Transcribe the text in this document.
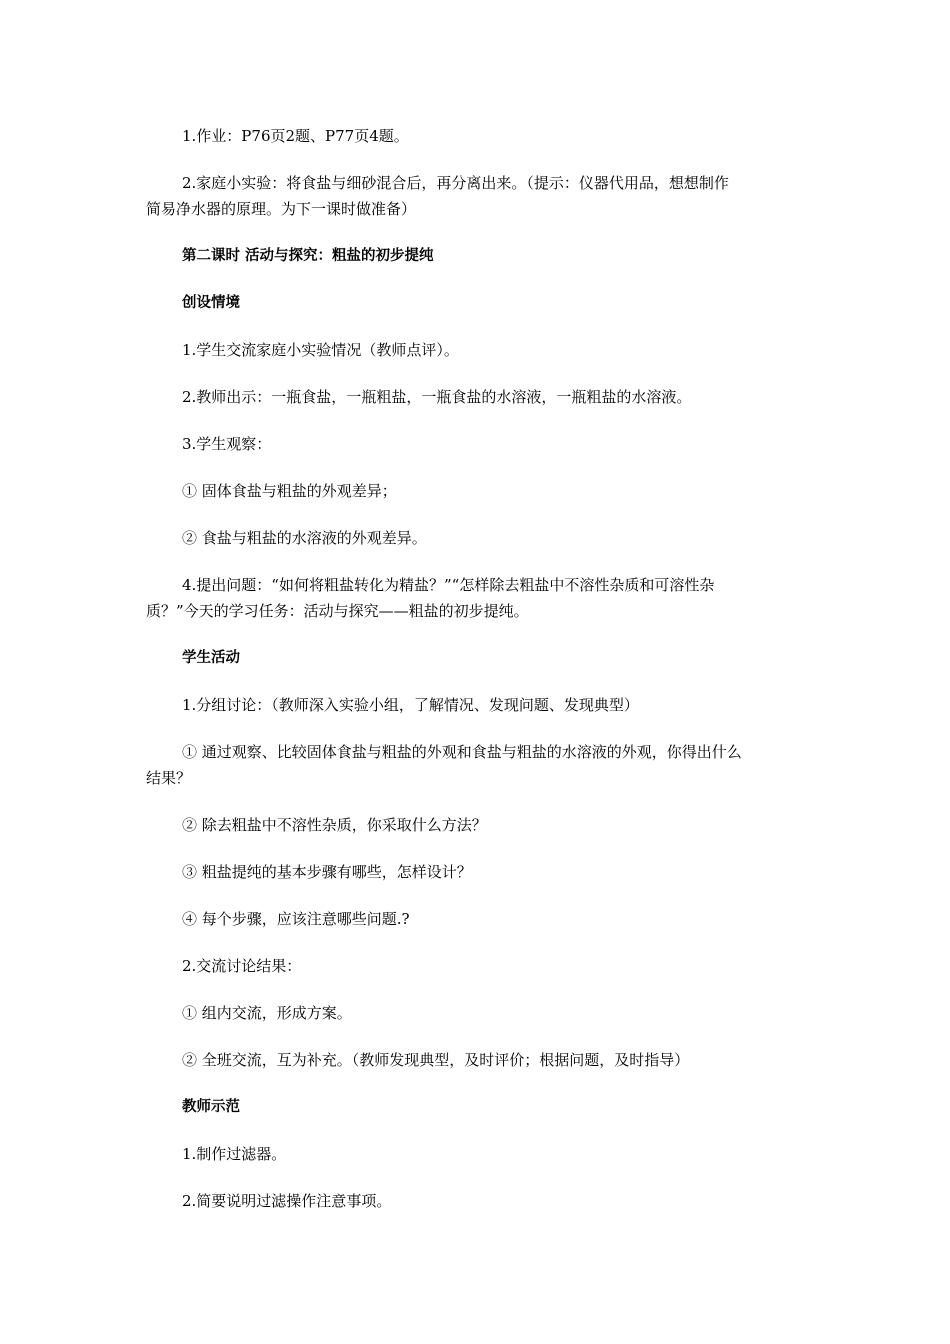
1.作业：P76页2题、P77页4题。
2.家庭小实验：将食盐与细砂混合后，再分离出来。（提示：仪器代用品，想想制作
简易净水器的原理。为下一课时做准备）
第二课时 活动与探究：粗盐的初步提纯
创设情境
1.学生交流家庭小实验情况（教师点评）。
2.教师出示：一瓶食盐，一瓶粗盐，一瓶食盐的水溶液，一瓶粗盐的水溶液。
3.学生观察：
① 固体食盐与粗盐的外观差异；
② 食盐与粗盐的水溶液的外观差异。
4.提出问题：“如何将粗盐转化为精盐？”“怎样除去粗盐中不溶性杂质和可溶性杂
质？”今天的学习任务：活动与探究——粗盐的初步提纯。
学生活动
1.分组讨论：（教师深入实验小组，了解情况、发现问题、发现典型）
① 通过观察、比较固体食盐与粗盐的外观和食盐与粗盐的水溶液的外观，你得出什么
结果？
② 除去粗盐中不溶性杂质，你采取什么方法？
③ 粗盐提纯的基本步骤有哪些，怎样设计？
④ 每个步骤，应该注意哪些问题.?
2.交流讨论结果：
① 组内交流，形成方案。
② 全班交流，互为补充。（教师发现典型，及时评价；根据问题，及时指导）
教师示范
1.制作过滤器。
2.简要说明过滤操作注意事项。
